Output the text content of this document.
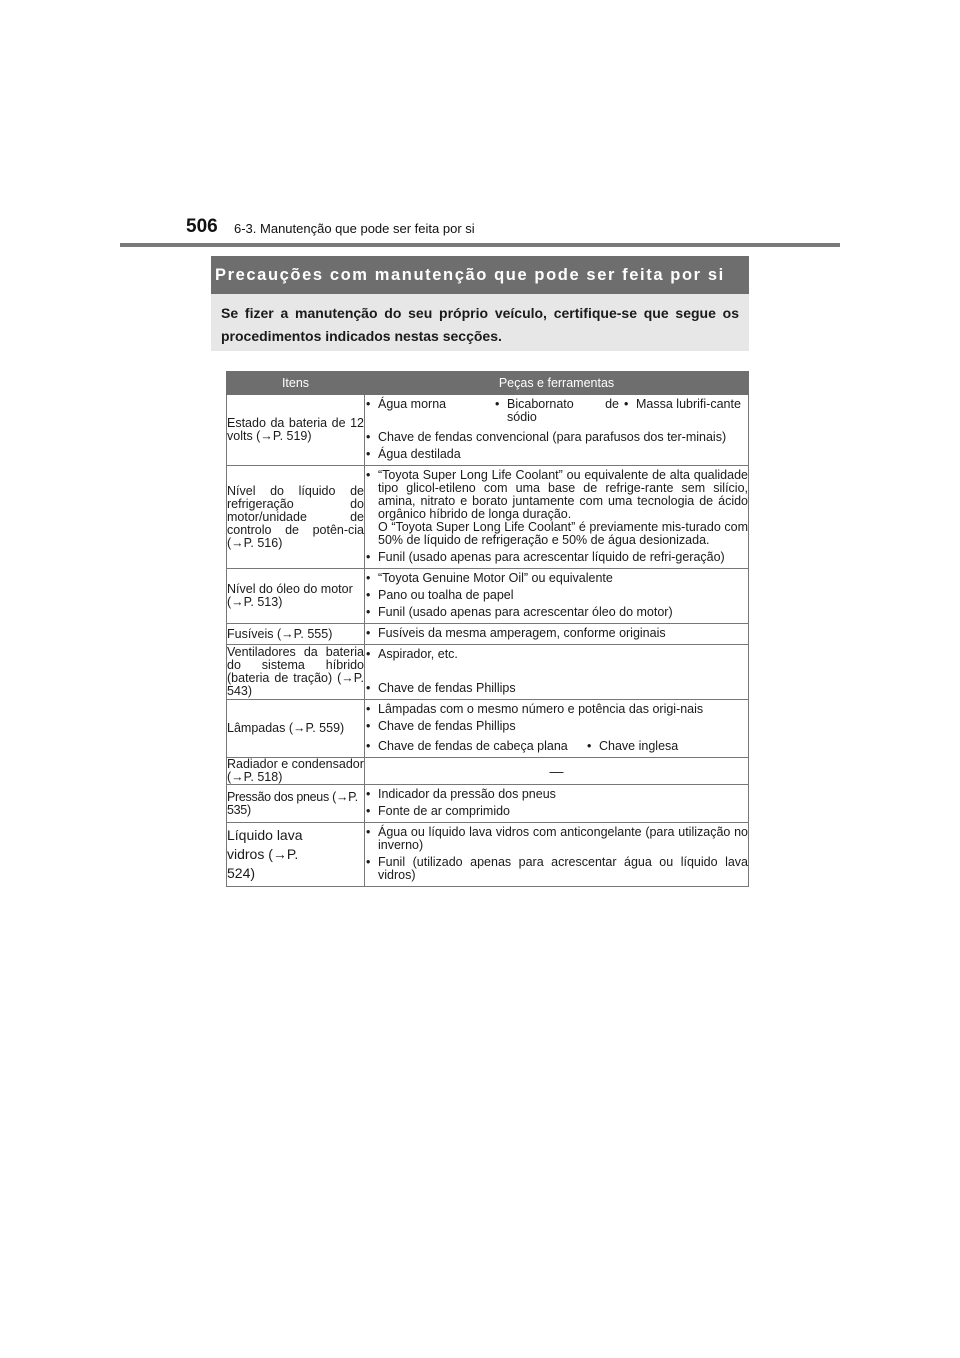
506 6-3. Manutenção que pode ser feita por si
Precauções com manutenção que pode ser feita por si
Se fizer a manutenção do seu próprio veículo, certifique-se que segue os procedimentos indicados nestas secções.
Itens	Peças e ferramentas

Estado da bateria de 12 volts (→P. 519)	• Água morna • Bicabornato de sódio
• Massa lubrifi-cante
• Chave de fendas convencional (para parafusos dos ter-minais)
• Água destilada

Nível do líquido de refrigeração do motor/unidade de controlo de potên-cia (→P. 516)	• “Toyota Super Long Life Coolant” ou equivalente de alta qualidade tipo glicol-etileno com uma base de refrige-rante sem silício, amina, nitrato e borato juntamente com uma tecnologia de ácido orgânico híbrido de longa duração.
O “Toyota Super Long Life Coolant” é previamente mis-turado com 50% de líquido de refrigeração e 50% de água desionizada.
• Funil (usado apenas para acrescentar líquido de refri-geração)

Nível do óleo do motor (→P. 513)	• “Toyota Genuine Motor Oil” ou equivalente
• Pano ou toalha de papel
• Funil (usado apenas para acrescentar óleo do motor)

Fusíveis (→P. 555)	• Fusíveis da mesma amperagem, conforme originais

Ventiladores da bateria do sistema híbrido (bateria de tração) (→P. 543)	• Aspirador, etc.
• Chave de fendas Phillips

Lâmpadas (→P. 559)	• Lâmpadas com o mesmo número e potência das origi-nais
• Chave de fendas Phillips
• Chave de fendas de cabeça plana • Chave inglesa

Radiador e condensador (→P. 518)	—

Pressão dos pneus (→P. 535)	• Indicador da pressão dos pneus
• Fonte de ar comprimido

Líquido lava vidros (→P. 524)	• Água ou líquido lava vidros com anticongelante (para utilização no inverno)
• Funil (utilizado apenas para acrescentar água ou líquido lava vidros)
